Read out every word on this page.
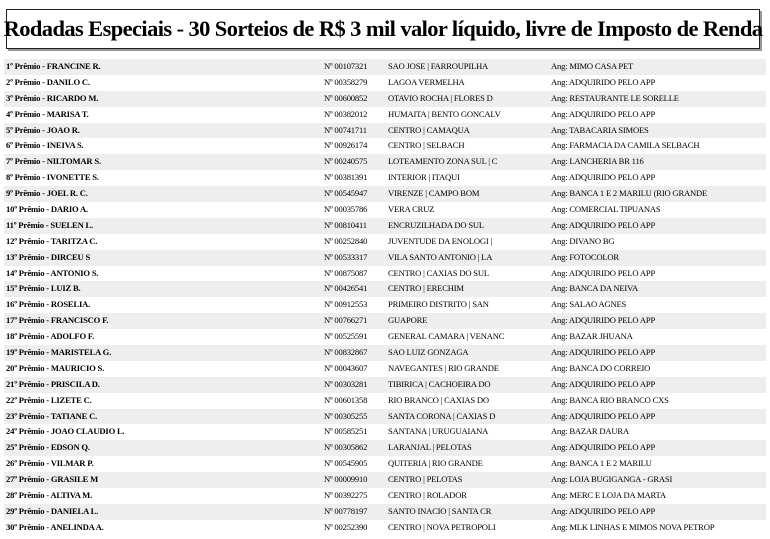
Rodadas Especiais - 30 Sorteios de R$ 3 mil valor líquido, livre de Imposto de Renda
1º Prêmio - FRANCINE R.	Nº 00107321	SAO JOSE | FARROUPILHA	Ang: MIMO CASA PET
2º Prêmio - DANILO C.	Nº 00358279	LAGOA VERMELHA	Ang: ADQUIRIDO PELO APP
3º Prêmio - RICARDO M.	Nº 00600852	OTAVIO ROCHA | FLORES D	Ang: RESTAURANTE LE SORELLE
4º Prêmio - MARISA T.	Nº 00382012	HUMAITA | BENTO GONCALV	Ang: ADQUIRIDO PELO APP
5º Prêmio - JOAO R.	Nº 00741711	CENTRO | CAMAQUA	Ang: TABACARIA SIMOES
6º Prêmio - INEIVA S.	Nº 00926174	CENTRO | SELBACH	Ang: FARMACIA DA CAMILA SELBACH
7º Prêmio - NILTOMAR S.	Nº 00240575	LOTEAMENTO ZONA SUL | C	Ang: LANCHERIA BR 116
8º Prêmio - IVONETTE S.	Nº 00381391	INTERIOR | ITAQUI	Ang: ADQUIRIDO PELO APP
9º Prêmio - JOEL R. C.	Nº 00545947	VIRENZE | CAMPO BOM	Ang: BANCA 1 E 2 MARILU (RIO GRANDE
10º Prêmio - DARIO A.	Nº 00035786	VERA CRUZ	Ang: COMERCIAL TIPUANAS
11º Prêmio - SUELEN L.	Nº 00810411	ENCRUZILHADA DO SUL	Ang: ADQUIRIDO PELO APP
12º Prêmio - TARITZA C.	Nº 00252840	JUVENTUDE DA ENOLOGI |	Ang: DIVANO BG
13º Prêmio - DIRCEU S	Nº 00533317	VILA SANTO ANTONIO | LA	Ang: FOTOCOLOR
14º Prêmio - ANTONIO S.	Nº 00875087	CENTRO | CAXIAS DO SUL	Ang: ADQUIRIDO PELO APP
15º Prêmio - LUIZ B.	Nº 00426541	CENTRO | ERECHIM	Ang: BANCA DA NEIVA
16º Prêmio - ROSELIA.	Nº 00912553	PRIMEIRO DISTRITO | SAN	Ang: SALAO AGNES
17º Prêmio - FRANCISCO F.	Nº 00766271	GUAPORE	Ang: ADQUIRIDO PELO APP
18º Prêmio - ADOLFO F.	Nº 00525591	GENERAL CAMARA | VENANC	Ang: BAZAR JHUANA
19º Prêmio - MARISTELA G.	Nº 00832867	SAO LUIZ GONZAGA	Ang: ADQUIRIDO PELO APP
20º Prêmio - MAURICIO S.	Nº 00043607	NAVEGANTES | RIO GRANDE	Ang: BANCA DO CORREIO
21º Prêmio - PRISCILA D.	Nº 00303281	TIBIRICA | CACHOEIRA DO	Ang: ADQUIRIDO PELO APP
22º Prêmio - LIZETE C.	Nº 00601358	RIO BRANCO | CAXIAS DO	Ang: BANCA RIO BRANCO CXS
23º Prêmio - TATIANE C.	Nº 00305255	SANTA CORONA | CAXIAS D	Ang: ADQUIRIDO PELO APP
24º Prêmio - JOAO CLAUDIO L.	Nº 00585251	SANTANA | URUGUAIANA	Ang: BAZAR DAURA
25º Prêmio - EDSON Q.	Nº 00305862	LARANJAL | PELOTAS	Ang: ADQUIRIDO PELO APP
26º Prêmio - VILMAR P.	Nº 00545905	QUITERIA | RIO GRANDE	Ang: BANCA 1 E 2 MARILU
27º Prêmio - GRASILE M	Nº 00009910	CENTRO | PELOTAS	Ang: LOJA BUGIGANGA - GRASI
28º Prêmio - ALTIVA M.	Nº 00392275	CENTRO | ROLADOR	Ang: MERC E LOJA DA MARTA
29º Prêmio - DANIELA L.	Nº 00778197	SANTO INACIO | SANTA CR	Ang: ADQUIRIDO PELO APP
30º Prêmio - ANELINDA A.	Nº 00252390	CENTRO | NOVA PETROPOLI	Ang: MLK LINHAS E MIMOS NOVA PETROP
